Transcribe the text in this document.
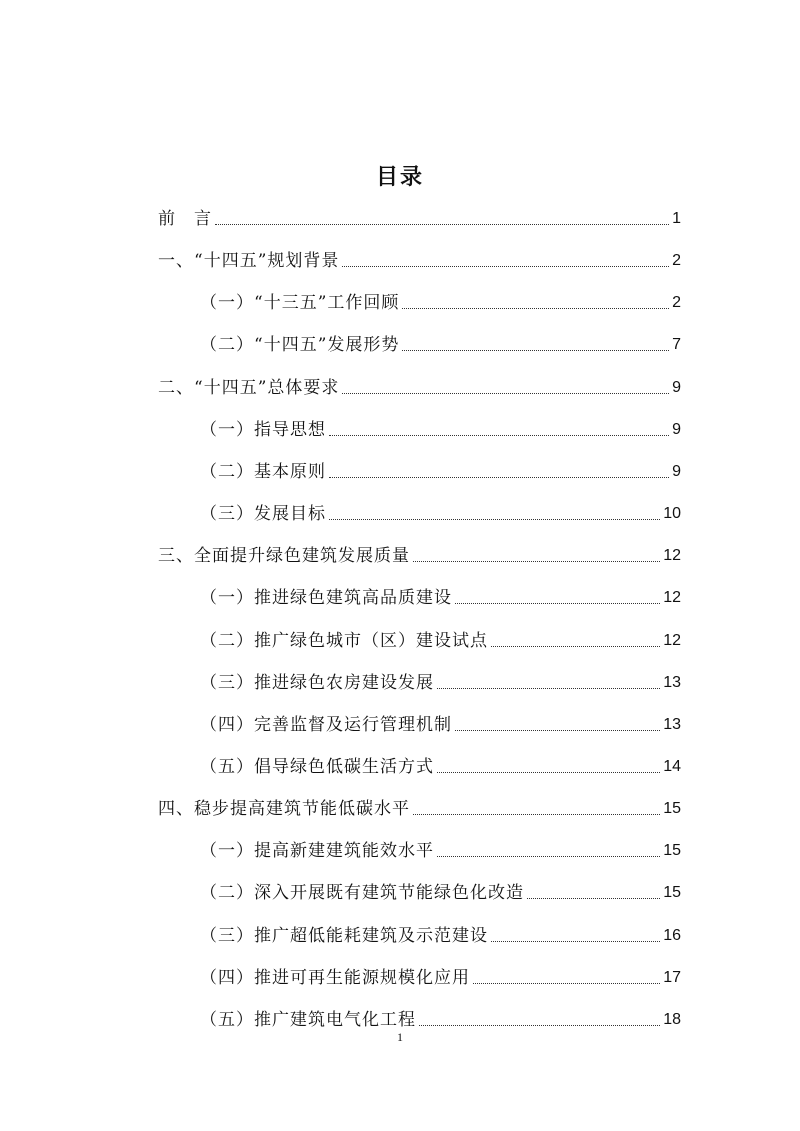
目录
前　言	1
一、“十四五”规划背景	2
（一）“十三五”工作回顾	2
（二）“十四五”发展形势	7
二、“十四五”总体要求	9
（一）指导思想	9
（二）基本原则	9
（三）发展目标	10
三、全面提升绿色建筑发展质量	12
（一）推进绿色建筑高品质建设	12
（二）推广绿色城市（区）建设试点	12
（三）推进绿色农房建设发展	13
（四）完善监督及运行管理机制	13
（五）倡导绿色低碳生活方式	14
四、稳步提高建筑节能低碳水平	15
（一）提高新建建筑能效水平	15
（二）深入开展既有建筑节能绿色化改造	15
（三）推广超低能耗建筑及示范建设	16
（四）推进可再生能源规模化应用	17
（五）推广建筑电气化工程	18
1
